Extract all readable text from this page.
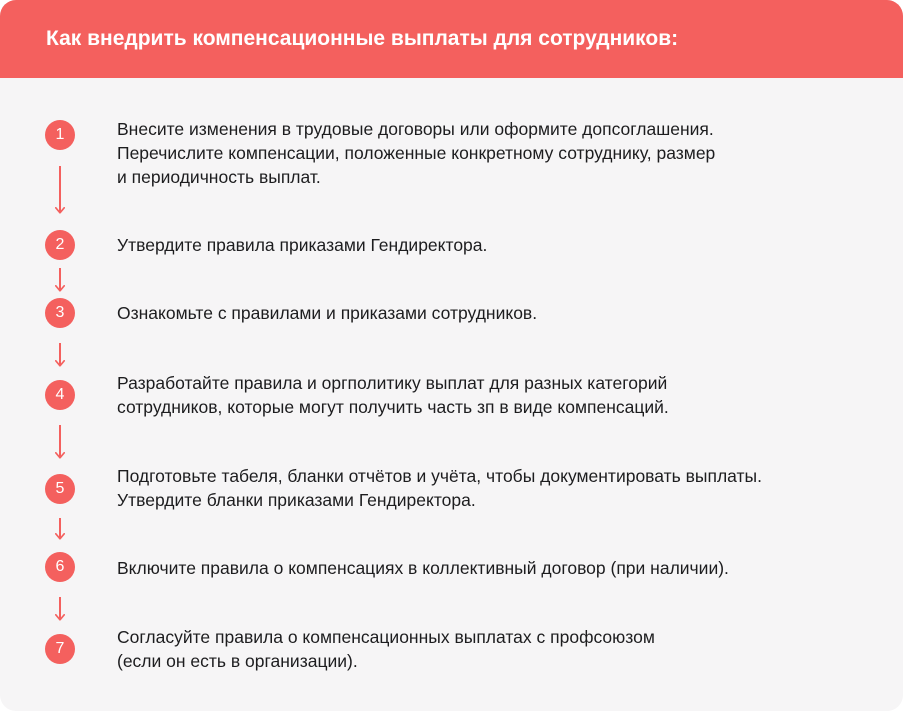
Как внедрить компенсационные выплаты для сотрудников:
1	Внесите изменения в трудовые договоры или оформите допсоглашения.
Перечислите компенсации, положенные конкретному сотруднику, размер
и периодичность выплат.
2	Утвердите правила приказами Гендиректора.
3	Ознакомьте с правилами и приказами сотрудников.
4
Разработайте правила и оргполитику выплат для разных категорий
сотрудников, которые могут получить часть зп в виде компенсаций.
5
Подготовьте табеля, бланки отчётов и учёта, чтобы документировать выплаты.
Утвердите бланки приказами Гендиректора.
6	Включите правила о компенсациях в коллективный договор (при наличии).
7
Согласуйте правила о компенсационных выплатах с профсоюзом
(если он есть в организации).
